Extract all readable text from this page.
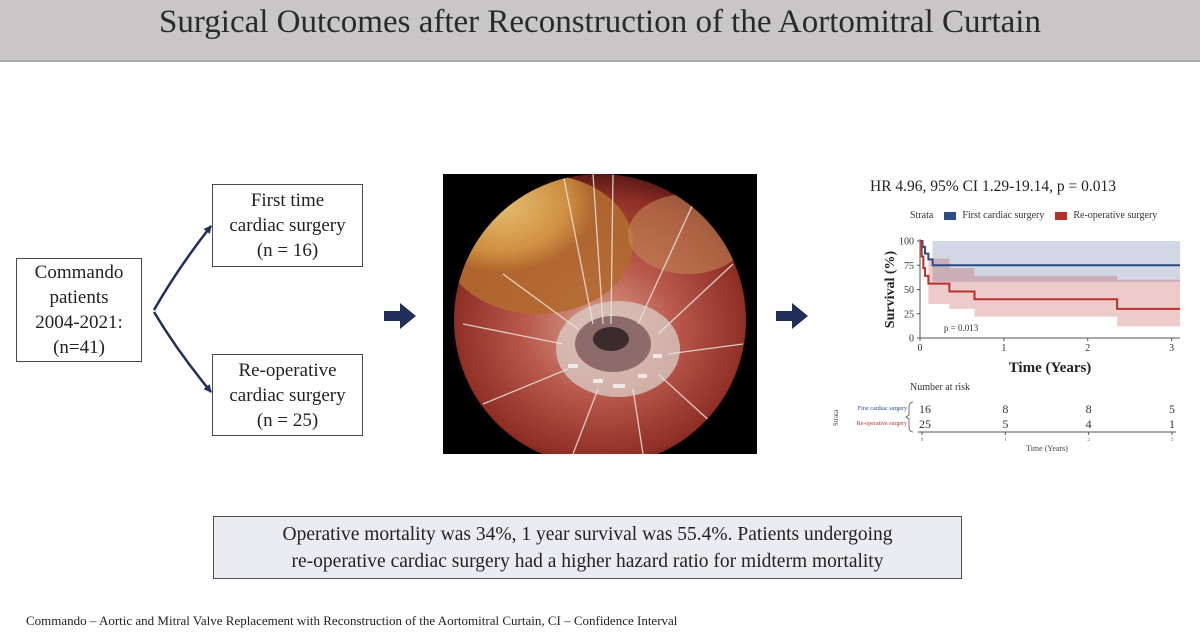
Surgical Outcomes after Reconstruction of the Aortomitral Curtain
Commando
patients
2004-2021:
(n=41)
First time
cardiac surgery
(n = 16)
Re-operative
cardiac surgery
(n = 25)
HR 4.96, 95% CI 1.29-19.14, p = 0.013
Strata	First cardiac surgery	Re-operative surgery
0
25
50
75
100
0	1	2	3
Time (Years)
Survival (%)
p = 0.013
Number at risk
First cardiac surgery 16	8	8	5
Re-operative surgery 25	5	4	1
Strata
0	1	2	3
Time (Years)
Operative mortality was 34%, 1 year survival was 55.4%. Patients undergoing
re-operative cardiac surgery had a higher hazard ratio for midterm mortality
Commando – Aortic and Mitral Valve Replacement with Reconstruction of the Aortomitral Curtain, CI – Confidence Interval
